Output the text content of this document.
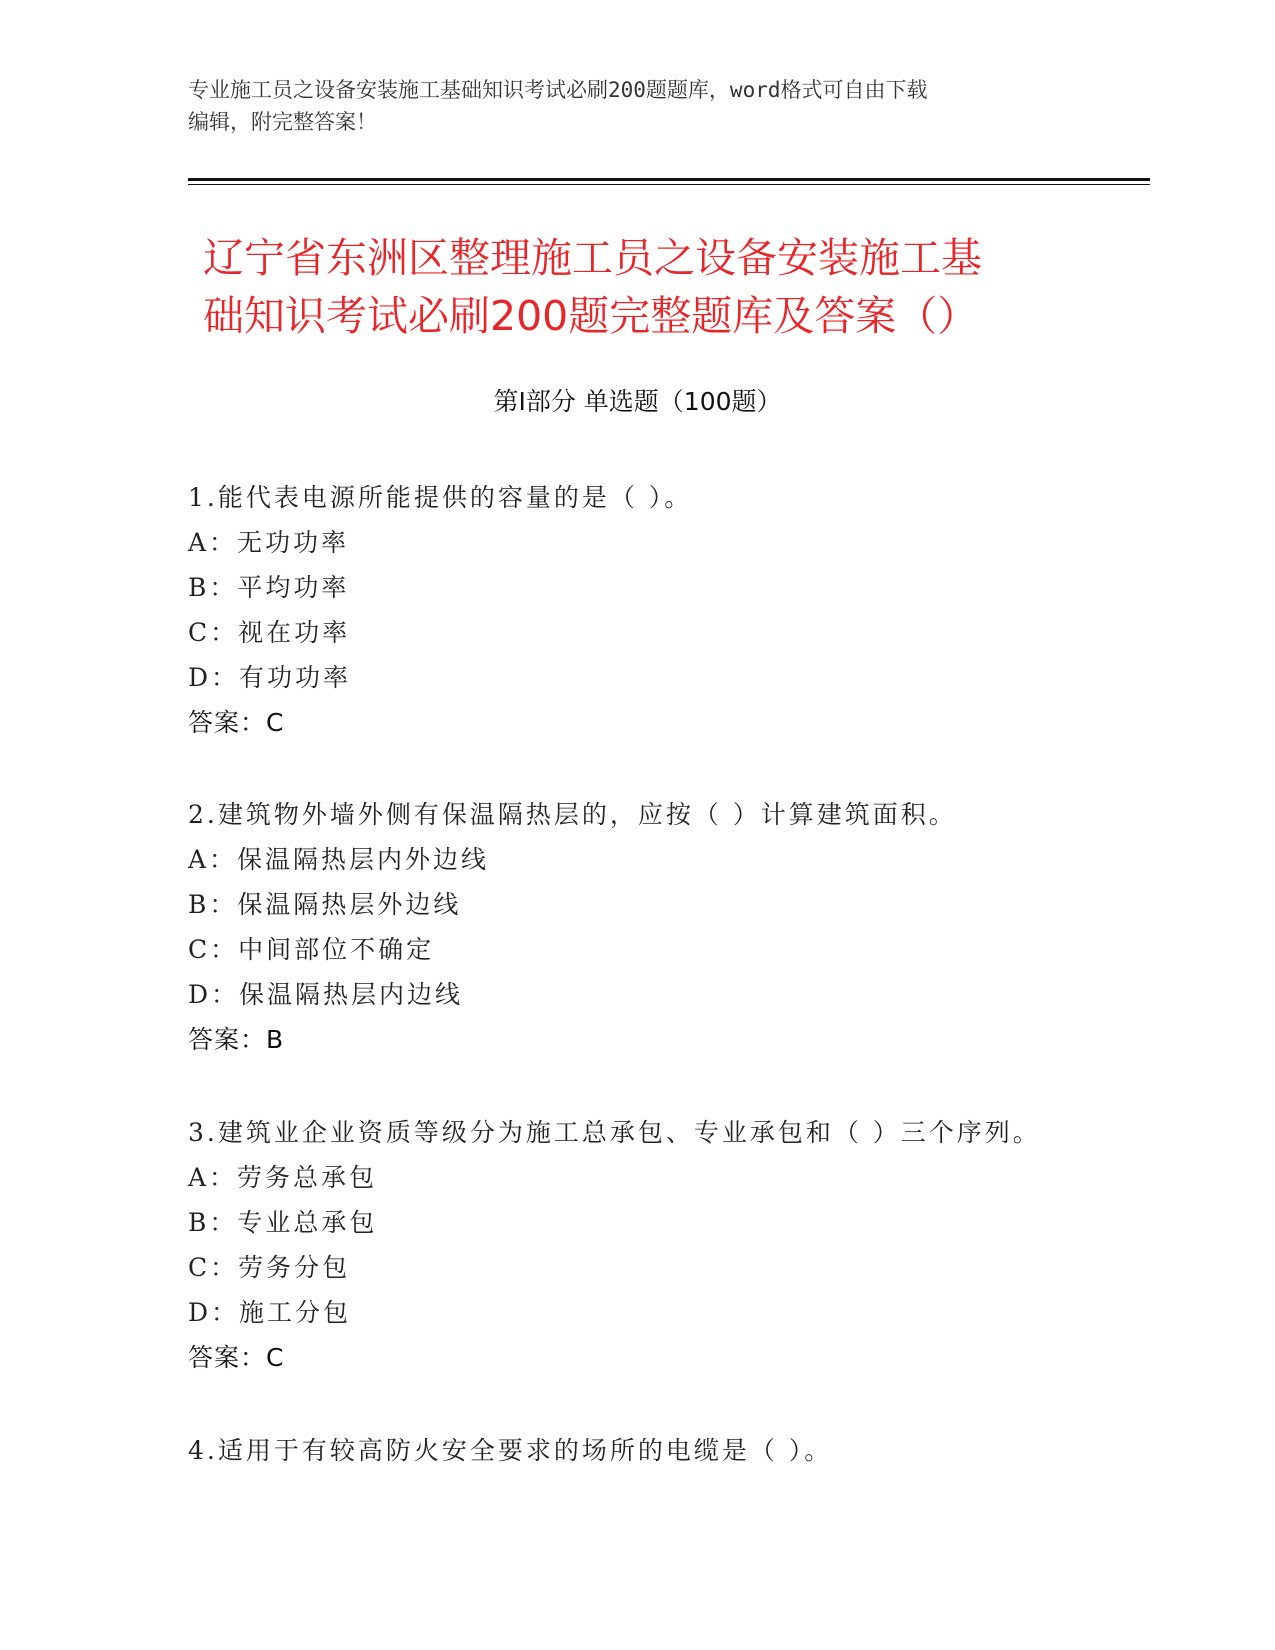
专业施工员之设备安装施工基础知识考试必刷200题题库，word格式可自由下载
编辑，附完整答案！
辽宁省东洲区整理施工员之设备安装施工基
础知识考试必刷200题完整题库及答案（）
第Ⅰ部分 单选题（100题）
1.能代表电源所能提供的容量的是（ ）。
A：无功功率
B：平均功率
C：视在功率
D：有功功率
答案：C
2.建筑物外墙外侧有保温隔热层的，应按（ ）计算建筑面积。
A：保温隔热层内外边线
B：保温隔热层外边线
C：中间部位不确定
D：保温隔热层内边线
答案：B
3.建筑业企业资质等级分为施工总承包、专业承包和（ ）三个序列。
A：劳务总承包
B：专业总承包
C：劳务分包
D：施工分包
答案：C
4.适用于有较高防火安全要求的场所的电缆是（ ）。
